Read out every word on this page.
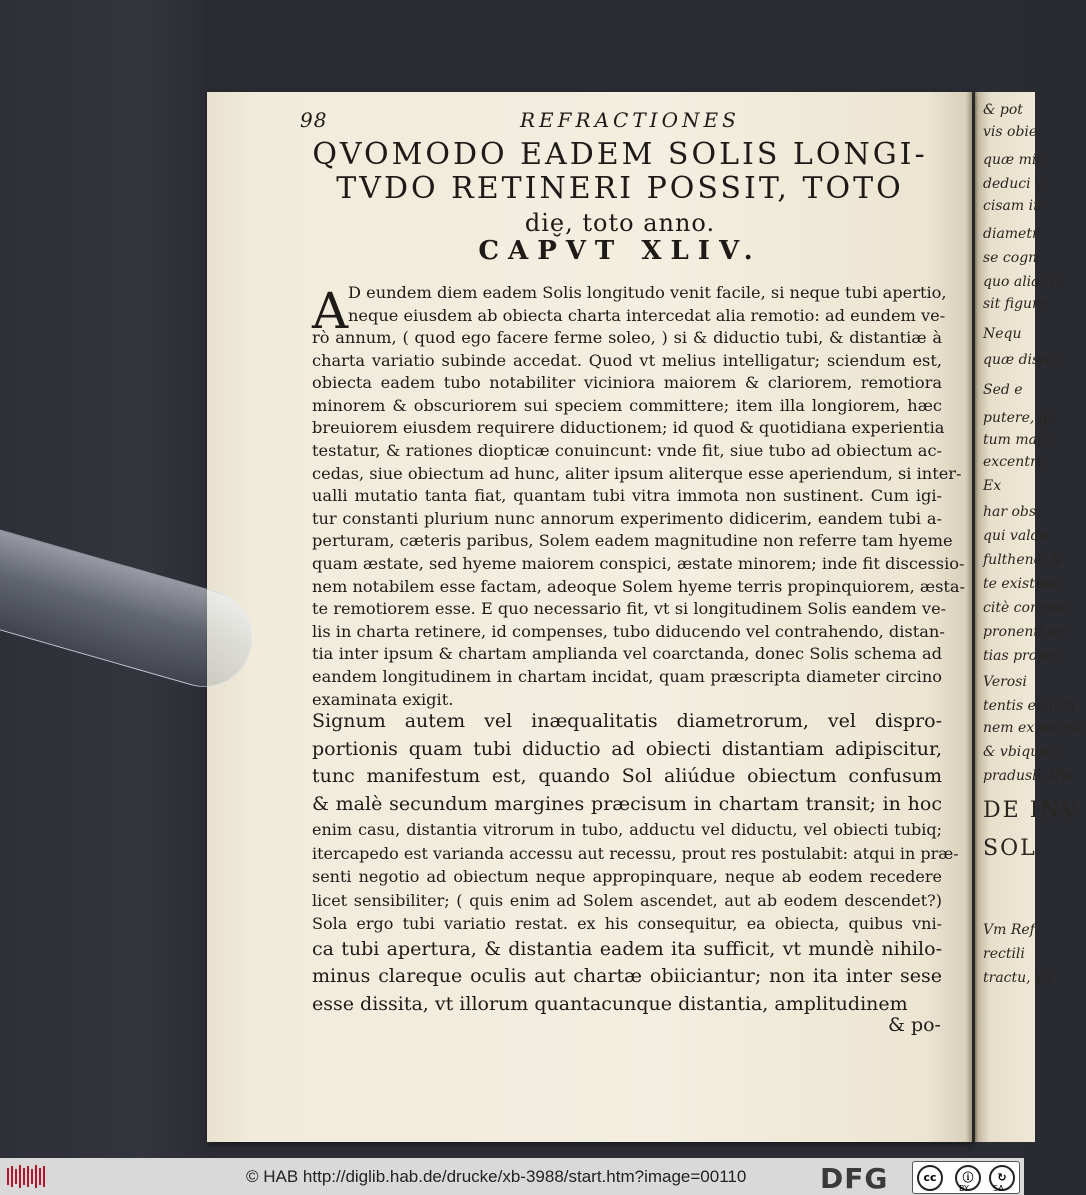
& pot
vis obie
quæ min
deduci vi
cisam in
diametr
se cogn
quo alias la
sit figura
Nequ
quæ distin
Sed e
putere, qu
tum mach
excentric
Ex
har obs
qui valde
fulthene, &
te existunt;
citè conspic
pronenti ap
tias propor
Verosi
tentis eadem
nem ex ea qua
& vbique s
pradusli Afla
DE INV
SOL
Vm Ref
rectili
tractu, vn
98	REFRACTIONES
QVOMODO EADEM SOLIS LONGI-
TVDO RETINERI POSSIT, TOTO
die̮, toto anno.
CAPVT XLIV.
A D eundem diem eadem Solis longitudo venit facile, si neque tubi apertio,
neque eiusdem ab obiecta charta intercedat alia remotio: ad eundem ve-
rò annum, ( quod ego facere ferme soleo, ) si & diductio tubi, & distantiæ à
charta variatio subinde accedat. Quod vt melius intelligatur; sciendum est,
obiecta eadem tubo notabiliter viciniora maiorem & clariorem, remotiora
minorem & obscuriorem sui speciem committere; item illa longiorem, hæc
breuiorem eiusdem requirere diductionem; id quod & quotidiana experientia
testatur, & rationes diopticæ conuincunt: vnde fit, siue tubo ad obiectum ac-
cedas, siue obiectum ad hunc, aliter ipsum aliterque esse aperiendum, si inter-
ualli mutatio tanta fiat, quantam tubi vitra immota non sustinent. Cum igi-
tur constanti plurium nunc annorum experimento didicerim, eandem tubi a-
perturam, cæteris paribus, Solem eadem magnitudine non referre tam hyeme
quam æstate, sed hyeme maiorem conspici, æstate minorem; inde fit discessio-
nem notabilem esse factam, adeoque Solem hyeme terris propinquiorem, æsta-
te remotiorem esse. E quo necessario fit, vt si longitudinem Solis eandem ve-
lis in charta retinere, id compenses, tubo diducendo vel contrahendo, distan-
tia inter ipsum & chartam amplianda vel coarctanda, donec Solis schema ad
eandem longitudinem in chartam incidat, quam præscripta diameter circino
examinata exigit.
Signum autem vel inæqualitatis diametrorum, vel dispro-
portionis quam tubi diductio ad obiecti distantiam adipiscitur,
tunc manifestum est, quando Sol aliúdue obiectum confusum
& malè secundum margines præcisum in chartam transit; in hoc
enim casu, distantia vitrorum in tubo, adductu vel diductu, vel obiecti tubiq;
itercapedo est varianda accessu aut recessu, prout res postulabit: atqui in præ-
senti negotio ad obiectum neque appropinquare, neque ab eodem recedere
licet sensibiliter; ( quis enim ad Solem ascendet, aut ab eodem descendet?)
Sola ergo tubi variatio restat. ex his consequitur, ea obiecta, quibus vni-
ca tubi apertura, & distantia eadem ita sufficit, vt mundè nihilo-
minus clareque oculis aut chartæ obiiciantur; non ita inter sese
esse dissita, vt illorum quantacunque distantia, amplitudinem
& po-
© HAB http://diglib.hab.de/drucke/xb-3988/start.htm?image=00110	DFG	cc	ⓘ	↻
BY	SA
